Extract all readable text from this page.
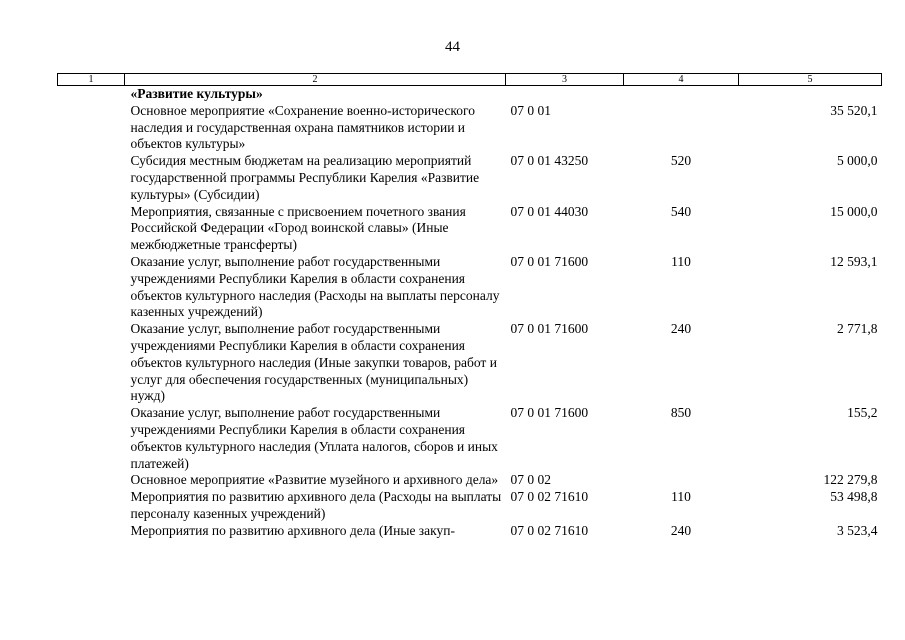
44
1	2	3	4	5
	«Развитие культуры»			
	Основное мероприятие «Сохранение военно-исторического наследия и государственная охрана памятников истории и объектов культуры»	07 0 01		35 520,1
	Субсидия местным бюджетам на реализацию мероприятий государственной программы Республики Карелия «Развитие культуры» (Субсидии)	07 0 01 43250	520	5 000,0
	Мероприятия, связанные с присвоением почетного звания Российской Федерации «Город воинской славы» (Иные межбюджетные трансферты)	07 0 01 44030	540	15 000,0
	Оказание услуг, выполнение работ государственными учреждениями Республики Карелия в области сохранения объектов культурного наследия (Расходы на выплаты персоналу казенных учреждений)	07 0 01 71600	110	12 593,1
	Оказание услуг, выполнение работ государственными учреждениями Республики Карелия в области сохранения объектов культурного наследия (Иные закупки товаров, работ и услуг для обеспечения государственных (муниципальных) нужд)	07 0 01 71600	240	2 771,8
	Оказание услуг, выполнение работ государственными учреждениями Республики Карелия в области сохранения объектов культурного наследия (Уплата налогов, сборов и иных платежей)	07 0 01 71600	850	155,2
	Основное мероприятие «Развитие музейного и архивного дела»	07 0 02		122 279,8
	Мероприятия по развитию архивного дела (Расходы на выплаты персоналу казенных учреждений)	07 0 02 71610	110	53 498,8
	Мероприятия по развитию архивного дела (Иные закуп-	07 0 02 71610	240	3 523,4
